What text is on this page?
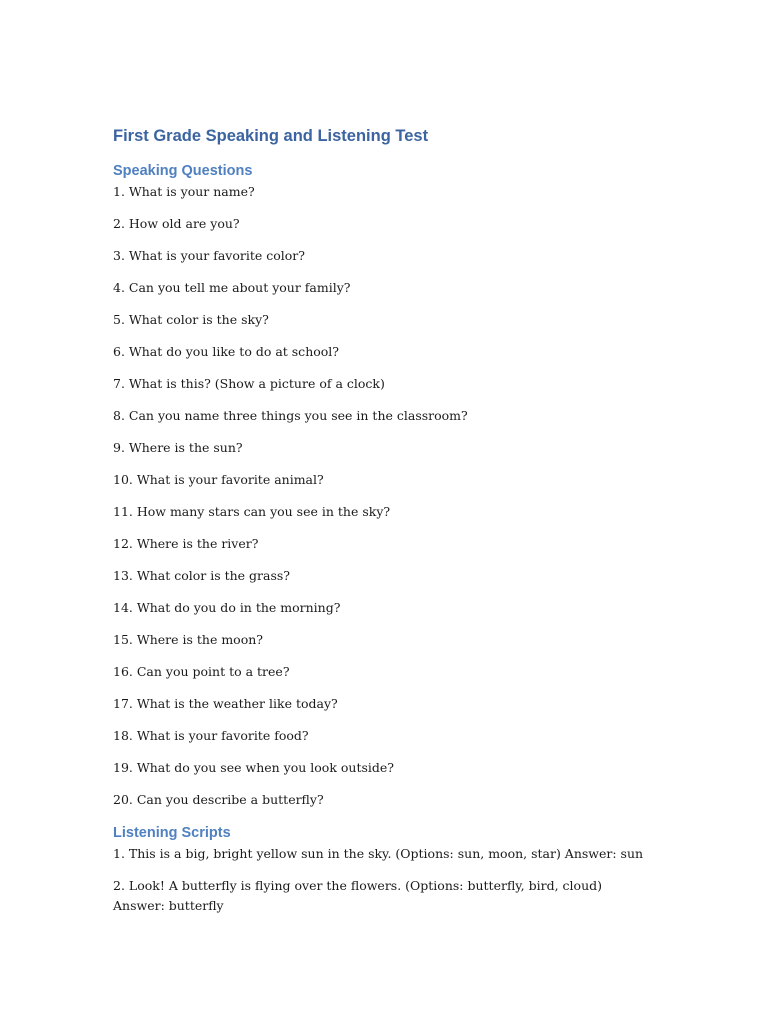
First Grade Speaking and Listening Test
Speaking Questions
1. What is your name?
2. How old are you?
3. What is your favorite color?
4. Can you tell me about your family?
5. What color is the sky?
6. What do you like to do at school?
7. What is this? (Show a picture of a clock)
8. Can you name three things you see in the classroom?
9. Where is the sun?
10. What is your favorite animal?
11. How many stars can you see in the sky?
12. Where is the river?
13. What color is the grass?
14. What do you do in the morning?
15. Where is the moon?
16. Can you point to a tree?
17. What is the weather like today?
18. What is your favorite food?
19. What do you see when you look outside?
20. Can you describe a butterfly?
Listening Scripts
1. This is a big, bright yellow sun in the sky. (Options: sun, moon, star) Answer: sun
2. Look! A butterfly is flying over the flowers. (Options: butterfly, bird, cloud) Answer: butterfly
